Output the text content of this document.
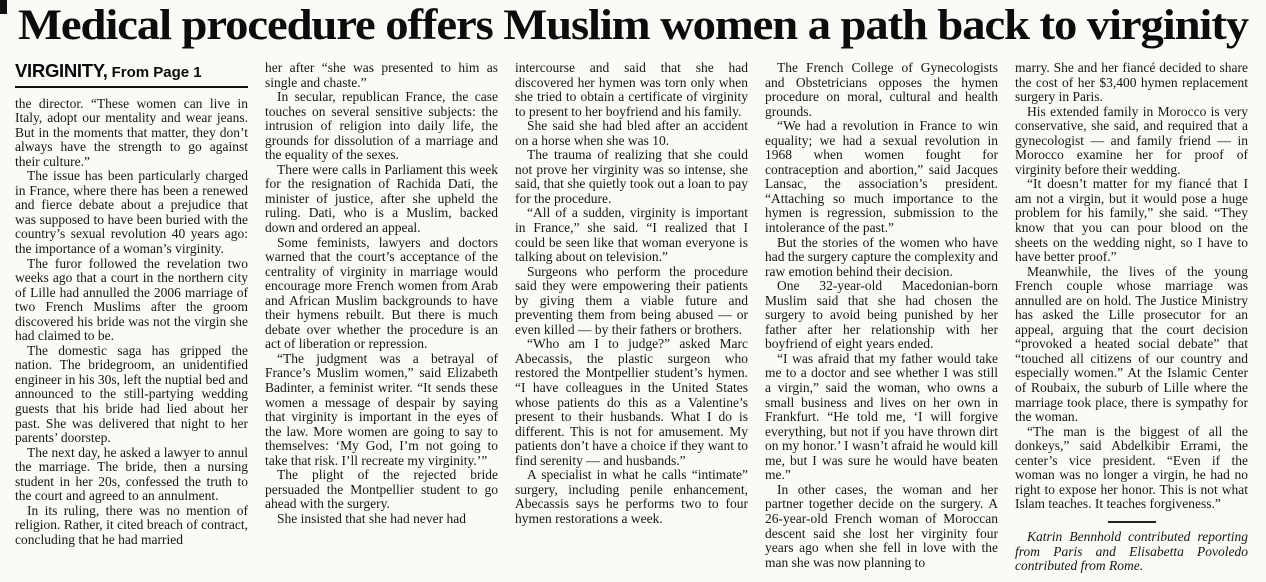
Medical procedure offers Muslim women a path back to virginity
VIRGINITY, From Page 1

the director. “These women can live in Italy, adopt our mentality and wear jeans. But in the moments that matter, they don’t always have the strength to go against their culture.”

The issue has been particularly charged in France, where there has been a renewed and fierce debate about a prejudice that was supposed to have been buried with the country’s sexual revolution 40 years ago: the importance of a woman’s virginity.

The furor followed the revelation two weeks ago that a court in the northern city of Lille had annulled the 2006 marriage of two French Muslims after the groom discovered his bride was not the virgin she had claimed to be.

The domestic saga has gripped the nation. The bridegroom, an unidentified engineer in his 30s, left the nuptial bed and announced to the still-partying wedding guests that his bride had lied about her past. She was delivered that night to her parents’ doorstep.

The next day, he asked a lawyer to annul the marriage. The bride, then a nursing student in her 20s, confessed the truth to the court and agreed to an annulment.

In its ruling, there was no mention of religion. Rather, it cited breach of contract, concluding that he had married

her after “she was presented to him as single and chaste.”

In secular, republican France, the case touches on several sensitive subjects: the intrusion of religion into daily life, the grounds for dissolution of a marriage and the equality of the sexes.

There were calls in Parliament this week for the resignation of Rachida Dati, the minister of justice, after she upheld the ruling. Dati, who is a Muslim, backed down and ordered an appeal.

Some feminists, lawyers and doctors warned that the court’s acceptance of the centrality of virginity in marriage would encourage more French women from Arab and African Muslim backgrounds to have their hymens rebuilt. But there is much debate over whether the procedure is an act of liberation or repression.

“The judgment was a betrayal of France’s Muslim women,” said Elizabeth Badinter, a feminist writer. “It sends these women a message of despair by saying that virginity is important in the eyes of the law. More women are going to say to themselves: ‘My God, I’m not going to take that risk. I’ll recreate my virginity.’”

The plight of the rejected bride persuaded the Montpellier student to go ahead with the surgery.

She insisted that she had never had

intercourse and said that she had discovered her hymen was torn only when she tried to obtain a certificate of virginity to present to her boyfriend and his family.

She said she had bled after an accident on a horse when she was 10.

The trauma of realizing that she could not prove her virginity was so intense, she said, that she quietly took out a loan to pay for the procedure.

“All of a sudden, virginity is important in France,” she said. “I realized that I could be seen like that woman everyone is talking about on television.”

Surgeons who perform the procedure said they were empowering their patients by giving them a viable future and preventing them from being abused — or even killed — by their fathers or brothers.

“Who am I to judge?” asked Marc Abecassis, the plastic surgeon who restored the Montpellier student’s hymen. “I have colleagues in the United States whose patients do this as a Valentine’s present to their husbands. What I do is different. This is not for amusement. My patients don’t have a choice if they want to find serenity — and husbands.”

A specialist in what he calls “intimate” surgery, including penile enhancement, Abecassis says he performs two to four hymen restorations a week.

The French College of Gynecologists and Obstetricians opposes the hymen procedure on moral, cultural and health grounds.

“We had a revolution in France to win equality; we had a sexual revolution in 1968 when women fought for contraception and abortion,” said Jacques Lansac, the association’s president. “Attaching so much importance to the hymen is regression, submission to the intolerance of the past.”

But the stories of the women who have had the surgery capture the complexity and raw emotion behind their decision.

One 32-year-old Macedonian-born Muslim said that she had chosen the surgery to avoid being punished by her father after her relationship with her boyfriend of eight years ended.

“I was afraid that my father would take me to a doctor and see whether I was still a virgin,” said the woman, who owns a small business and lives on her own in Frankfurt. “He told me, ‘I will forgive everything, but not if you have thrown dirt on my honor.’ I wasn’t afraid he would kill me, but I was sure he would have beaten me.”

In other cases, the woman and her partner together decide on the surgery. A 26-year-old French woman of Moroccan descent said she lost her virginity four years ago when she fell in love with the man she was now planning to

marry. She and her fiancé decided to share the cost of her $3,400 hymen replacement surgery in Paris.

His extended family in Morocco is very conservative, she said, and required that a gynecologist — and family friend — in Morocco examine her for proof of virginity before their wedding.

“It doesn’t matter for my fiancé that I am not a virgin, but it would pose a huge problem for his family,” she said. “They know that you can pour blood on the sheets on the wedding night, so I have to have better proof.”

Meanwhile, the lives of the young French couple whose marriage was annulled are on hold. The Justice Ministry has asked the Lille prosecutor for an appeal, arguing that the court decision “provoked a heated social debate” that “touched all citizens of our country and especially women.” At the Islamic Center of Roubaix, the suburb of Lille where the marriage took place, there is sympathy for the woman.

“The man is the biggest of all the donkeys,” said Abdelkibir Errami, the center’s vice president. “Even if the woman was no longer a virgin, he had no right to expose her honor. This is not what Islam teaches. It teaches forgiveness.”

Katrin Bennhold contributed reporting from Paris and Elisabetta Povoledo contributed from Rome.
